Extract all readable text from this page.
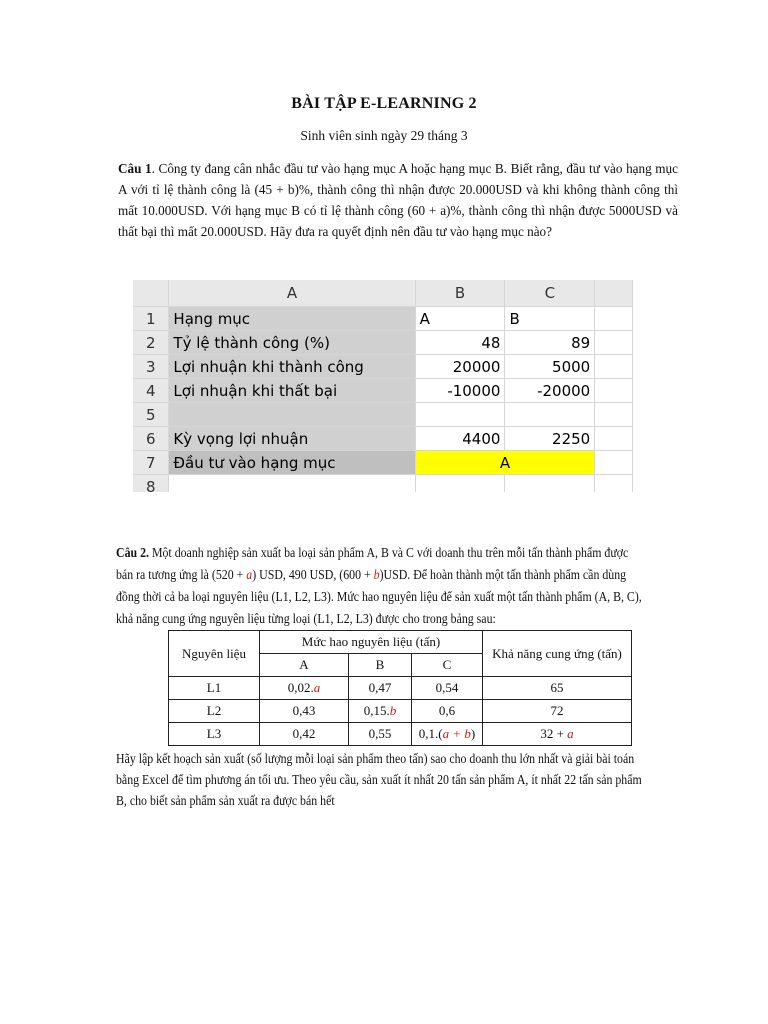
BÀI TẬP E-LEARNING 2
Sinh viên sinh ngày 29 tháng 3
Câu 1. Công ty đang cân nhắc đầu tư vào hạng mục A hoặc hạng mục B. Biết rằng, đầu tư vào hạng mục A với tỉ lệ thành công là (45 + b)%, thành công thì nhận được 20.000USD và khi không thành công thì mất 10.000USD. Với hạng mục B có tỉ lệ thành công (60 + a)%, thành công thì nhận được 5000USD và thất bại thì mất 20.000USD. Hãy đưa ra quyết định nên đầu tư vào hạng mục nào?
	A	B	C	
1	Hạng mục	A	B	
2	Tỷ lệ thành công (%)	48	89	
3	Lợi nhuận khi thành công	20000	5000	
4	Lợi nhuận khi thất bại	-10000	-20000	
5				
6	Kỳ vọng lợi nhuận	4400	2250	
7	Đầu tư vào hạng mục	A		
8				
Câu 2. Một doanh nghiệp sản xuất ba loại sản phẩm A, B và C với doanh thu trên mỗi tấn thành phẩm được
bán ra tương ứng là (520 + a) USD, 490 USD, (600 + b)USD. Để hoàn thành một tấn thành phẩm cần dùng
đồng thời cả ba loại nguyên liệu (L1, L2, L3). Mức hao nguyên liệu để sản xuất một tấn thành phẩm (A, B, C),
khả năng cung ứng nguyên liệu từng loại (L1, L2, L3) được cho trong bảng sau:
Nguyên liệu	Mức hao nguyên liệu (tấn)			Khả năng cung ứng (tấn)
	A	B	C	
L1	0,02.a	0,47	0,54	65
L2	0,43	0,15.b	0,6	72
L3	0,42	0,55	0,1.(a + b)	32 + a
Hãy lập kết hoạch sản xuất (số lượng mỗi loại sản phẩm theo tấn) sao cho doanh thu lớn nhất và giải bài toán
bằng Excel để tìm phương án tối ưu. Theo yêu cầu, sản xuất ít nhất 20 tấn sản phẩm A, ít nhất 22 tấn sản phẩm
B, cho biết sản phẩm sản xuất ra được bán hết
